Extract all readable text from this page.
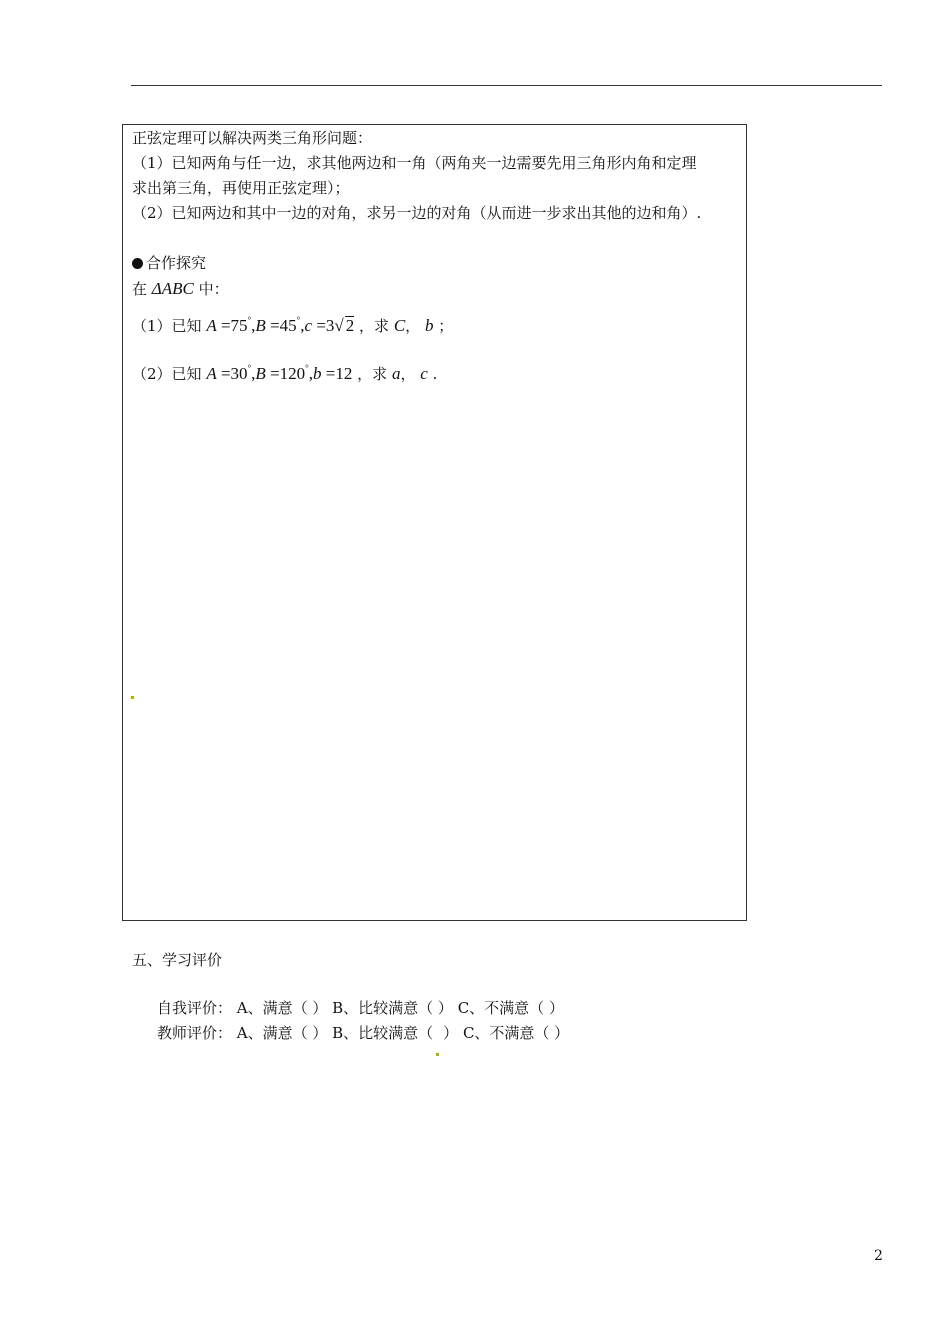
正弦定理可以解决两类三角形问题：
（1）已知两角与任一边，求其他两边和一角（两角夹一边需要先用三角形内角和定理
求出第三角，再使用正弦定理）；
（2）已知两边和其中一边的对角，求另一边的对角（从而进一步求出其他的边和角）.
合作探究
在 ΔABC 中：
（1）已知 A =75°,B =45°,c =3√ 2 ，求 C， b ；
（2）已知 A =30°,B =120°,b =12 ，求 a， c .
五、学习评价
自我评价： A、满意（ ） B、比较满意（ ） C、不满意（ ）
教师评价： A、满意（ ） B、比较满意（ ） C、不满意（ ）
2
